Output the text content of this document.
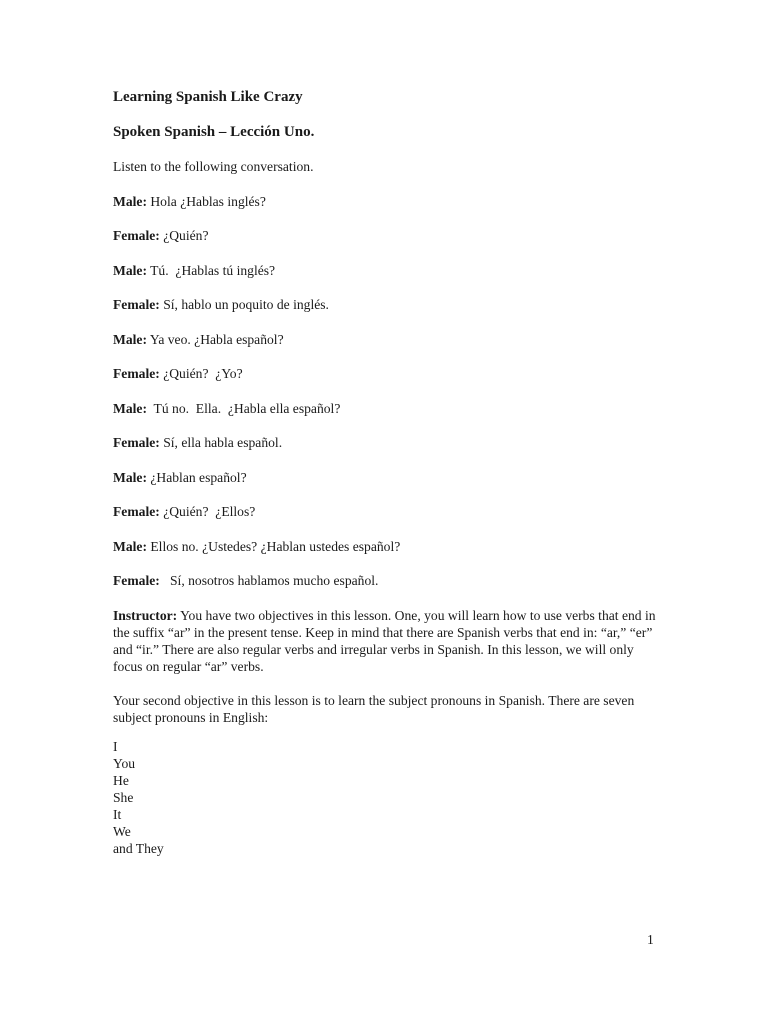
Learning Spanish Like Crazy

Spoken Spanish – Lección Uno.

Listen to the following conversation.

Male: Hola ¿Hablas inglés?

Female: ¿Quién?

Male: Tú.  ¿Hablas tú inglés?

Female: Sí, hablo un poquito de inglés.

Male: Ya veo. ¿Habla español?

Female: ¿Quién?  ¿Yo?

Male:  Tú no.  Ella.  ¿Habla ella español?

Female: Sí, ella habla español.

Male: ¿Hablan español?

Female: ¿Quién?  ¿Ellos?

Male: Ellos no. ¿Ustedes? ¿Hablan ustedes español?

Female:   Sí, nosotros hablamos mucho español.

Instructor: You have two objectives in this lesson. One, you will learn how to use verbs that end in the suffix “ar” in the present tense. Keep in mind that there are Spanish verbs that end in: “ar,” “er” and “ir.” There are also regular verbs and irregular verbs in Spanish. In this lesson, we will only focus on regular “ar” verbs.

Your second objective in this lesson is to learn the subject pronouns in Spanish. There are seven subject pronouns in English:

I
You
He
She
It
We
and They
1
